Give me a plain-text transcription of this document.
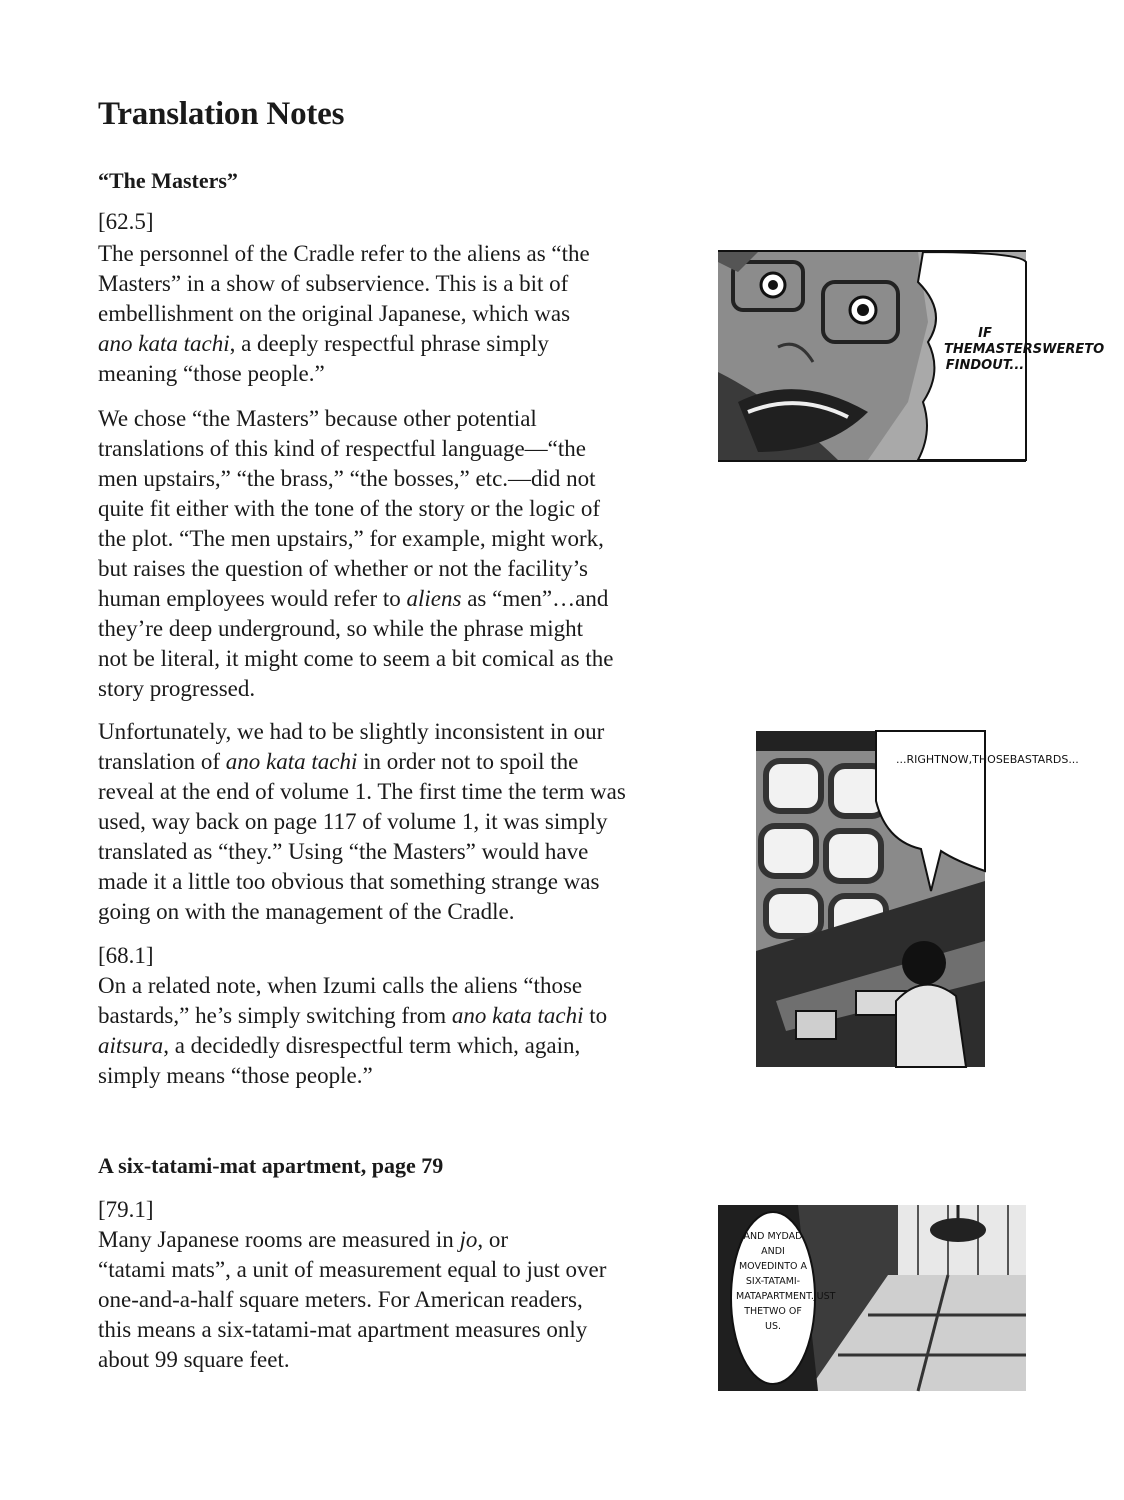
Translation Notes
“The Masters”
[62.5]
The personnel of the Cradle refer to the aliens as “the
Masters” in a show of subservience. This is a bit of
embellishment on the original Japanese, which was
ano kata tachi, a deeply respectful phrase simply
meaning “those people.”
We chose “the Masters” because other potential
translations of this kind of respectful language—“the
men upstairs,” “the brass,” “the bosses,” etc.—did not
quite fit either with the tone of the story or the logic of
the plot. “The men upstairs,” for example, might work,
but raises the question of whether or not the facility’s
human employees would refer to aliens as “men”…and
they’re deep underground, so while the phrase might
not be literal, it might come to seem a bit comical as the
story progressed.
Unfortunately, we had to be slightly inconsistent in our
translation of ano kata tachi in order not to spoil the
reveal at the end of volume 1. The first time the term was
used, way back on page 117 of volume 1, it was simply
translated as “they.” Using “the Masters” would have
made it a little too obvious that something strange was
going on with the management of the Cradle.
[68.1]
On a related note, when Izumi calls the aliens “those
bastards,” he’s simply switching from ano kata tachi to
aitsura, a decidedly disrespectful term which, again,
simply means “those people.”
A six-tatami-mat apartment, page 79
[79.1]
Many Japanese rooms are measured in jo, or
“tatami mats”, a unit of measurement equal to just over
one-and-a-half square meters. For American readers,
this means a six-tatami-mat apartment measures only
about 99 square feet.
IF THEMASTERSWERETO FINDOUT...
...RIGHTNOW,THOSEBASTARDS...
AND MYDAD ANDI MOVEDINTO A SIX-TATAMI-MATAPARTMENT.JUST THETWO OF US.
